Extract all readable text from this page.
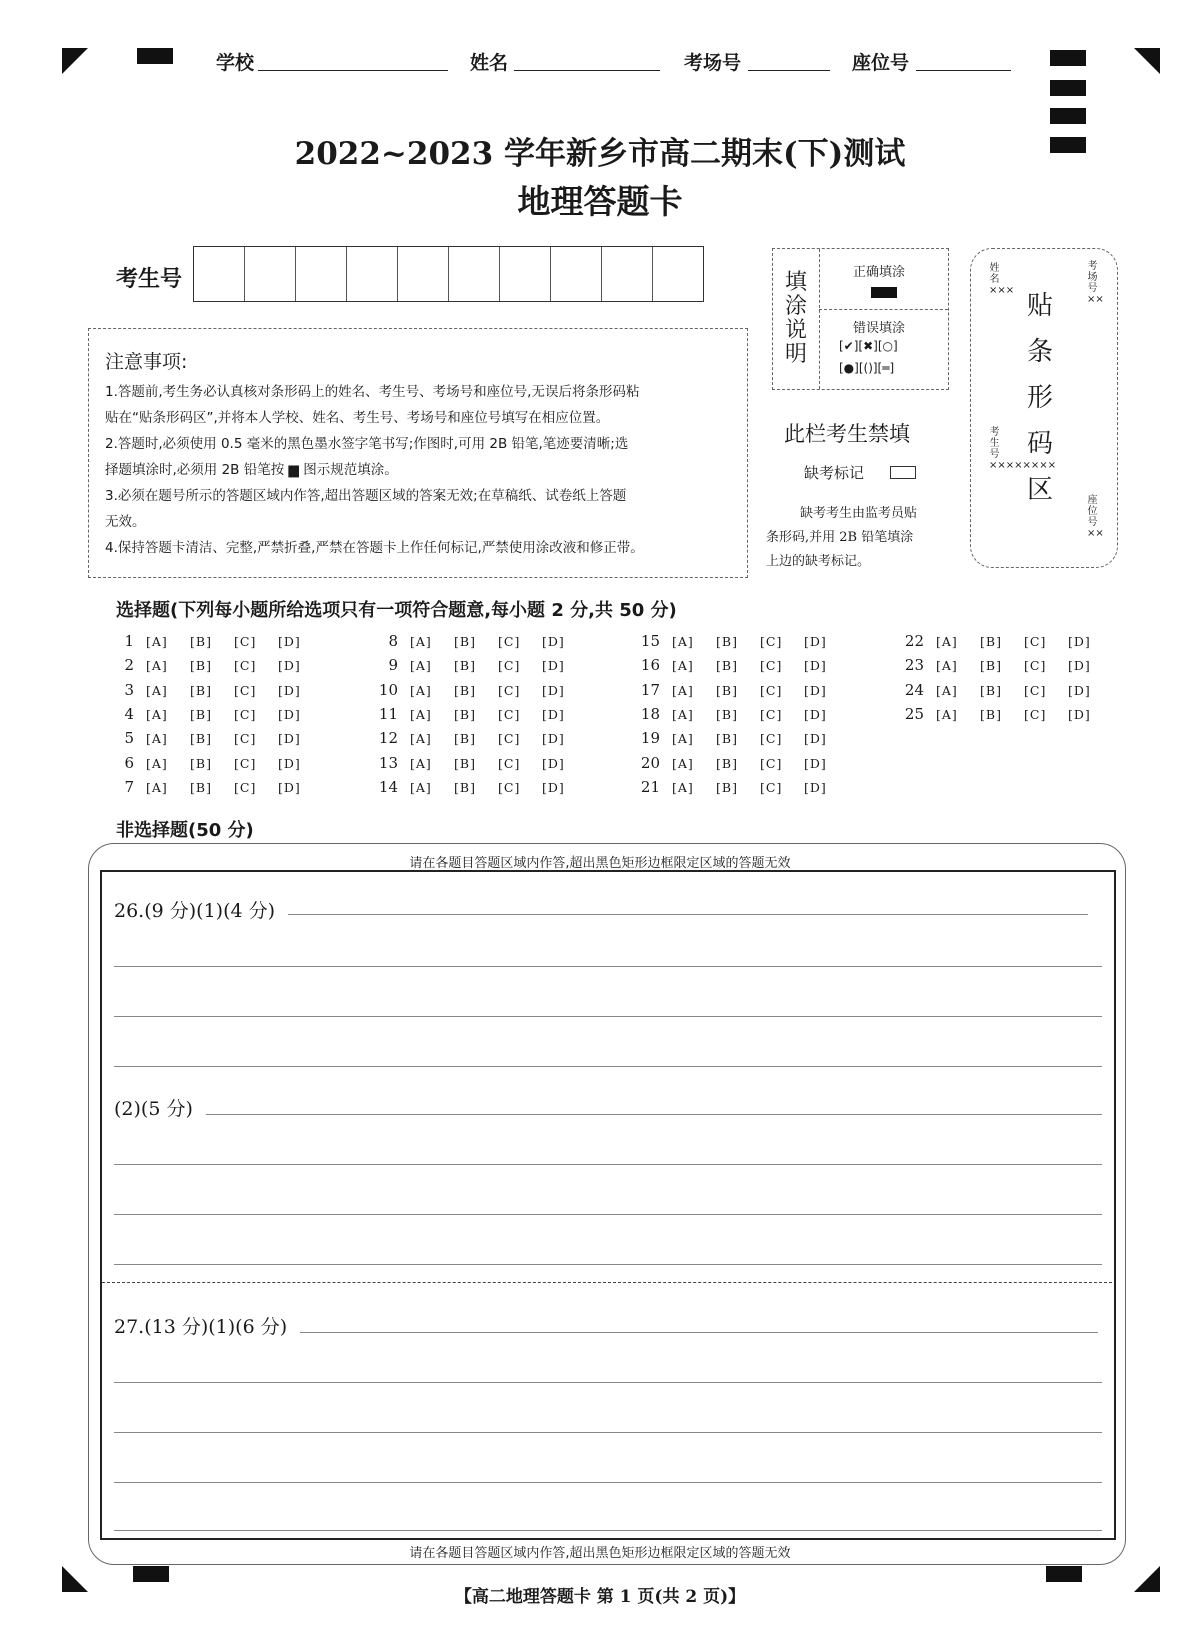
学校	姓名	考场号	座位号
2022~2023 学年新乡市高二期末(下)测试
地理答题卡
考生号
注意事项:
1.答题前,考生务必认真核对条形码上的姓名、考生号、考场号和座位号,无误后将条形码粘
贴在“贴条形码区”,并将本人学校、姓名、考生号、考场号和座位号填写在相应位置。
2.答题时,必须使用 0.5 毫米的黑色墨水签字笔书写;作图时,可用 2B 铅笔,笔迹要清晰;选
择题填涂时,必须用 2B 铅笔按 ▆ 图示规范填涂。
3.必须在题号所示的答题区域内作答,超出答题区域的答案无效;在草稿纸、试卷纸上答题
无效。
4.保持答题卡清洁、完整,严禁折叠,严禁在答题卡上作任何标记,严禁使用涂改液和修正带。
填
涂
说
明
正确填涂
错误填涂
[✔][✖][○]
[●][()][═]
此栏考生禁填
缺考标记
缺考考生由监考员贴
条形码,并用 2B 铅笔填涂
上边的缺考标记。
姓名×××
考场号××
考生号××××××××
座位号××
贴
条
形
码
区
选择题(下列每小题所给选项只有一项符合题意,每小题 2 分,共 50 分)
1 [A] [B] [C] [D]
2 [A] [B] [C] [D]
3 [A] [B] [C] [D]
4 [A] [B] [C] [D]
5 [A] [B] [C] [D]
6 [A] [B] [C] [D]
7 [A] [B] [C] [D]
8 [A] [B] [C] [D]
9 [A] [B] [C] [D]
10 [A] [B] [C] [D]
11 [A] [B] [C] [D]
12 [A] [B] [C] [D]
13 [A] [B] [C] [D]
14 [A] [B] [C] [D]
15 [A] [B] [C] [D]
16 [A] [B] [C] [D]
17 [A] [B] [C] [D]
18 [A] [B] [C] [D]
19 [A] [B] [C] [D]
20 [A] [B] [C] [D]
21 [A] [B] [C] [D]
22 [A] [B] [C] [D]
23 [A] [B] [C] [D]
24 [A] [B] [C] [D]
25 [A] [B] [C] [D]
非选择题(50 分)
请在各题目答题区域内作答,超出黑色矩形边框限定区域的答题无效
请在各题目答题区域内作答,超出黑色矩形边框限定区域的答题无效
26.(9 分)(1)(4 分)
(2)(5 分)
27.(13 分)(1)(6 分)
【高二地理答题卡 第 1 页(共 2 页)】
